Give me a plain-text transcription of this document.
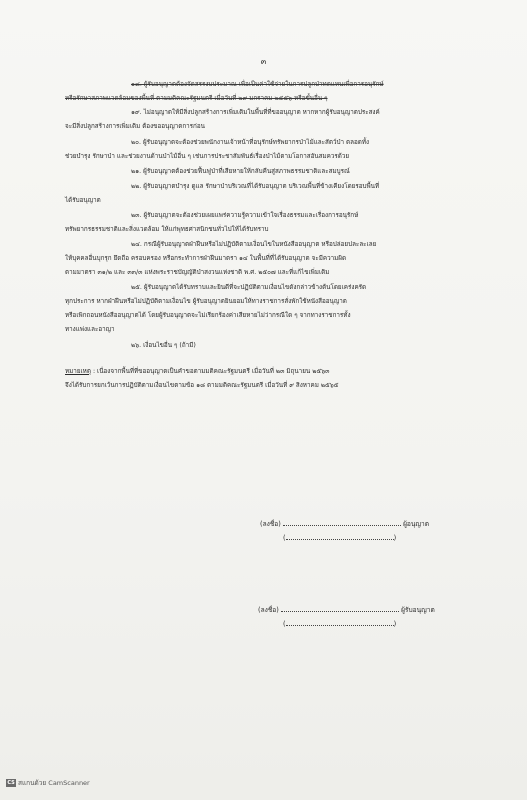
๓
๑๘. ผู้รับอนุญาตต้องจัดสรรงบประมาณ เพื่อเป็นค่าใช้จ่ายในการปลูกป่าทดแทนเพื่อการอนุรักษ์
หรือรักษาสภาพแวดล้อมของพื้นที่ ตามมติคณะรัฐมนตรี เมื่อวันที่ ๒๙ มกราคม ๒๕๕๖ หรือขั้นอื่น ๆ
๑๙. ไม่อนุญาตให้มีสิ่งปลูกสร้างการเพิ่มเติมในพื้นที่ที่ขออนุญาต หากหากผู้รับอนุญาตประสงค์
จะมีสิ่งปลูกสร้างการเพิ่มเติม ต้องขออนุญาตการก่อน
๒๐. ผู้รับอนุญาตจะต้องช่วยพนักงานเจ้าหน้าที่อนุรักษ์ทรัพยากรป่าไม้และสัตว์ป่า ตลอดทั้ง
ช่วยบำรุง รักษาป่า และช่วยงานด้านป่าไม้อื่น ๆ เช่นการประชาสัมพันธ์เรื่องป่าไม้ตามโอกาสอันสมควรด้วย
๒๑. ผู้รับอนุญาตต้องช่วยฟื้นฟูป่าที่เสียหายให้กลับคืนสู่สภาพธรรมชาติและสมบูรณ์
๒๒. ผู้รับอนุญาตบำรุง ดูแล รักษาป่าบริเวณที่ได้รับอนุญาต บริเวณพื้นที่ข้างเคียงโดยรอบพื้นที่
ได้รับอนุญาต
๒๓. ผู้รับอนุญาตจะต้องช่วยเผยแพร่ความรู้ความเข้าใจเรื่องธรรมและเรื่องการอนุรักษ์
ทรัพยากรธรรมชาติและสิ่งแวดล้อม ให้แก่พุทธศาสนิกชนทั่วไปให้ได้รับทราบ
๒๔. กรณีผู้รับอนุญาตฝ่าฝืนหรือไม่ปฏิบัติตามเงื่อนไขในหนังสืออนุญาต หรือปล่อยปละละเลย
ให้บุคคลอื่นบุกรุก ยึดถือ ครอบครอง หรือกระทำการฝ่าฝืนมาตรา ๑๔ ในพื้นที่ที่ได้รับอนุญาต จะมีความผิด
ตามมาตรา ๓๑/๒ และ ๓๓/๓ แห่งพระราชบัญญัติป่าสงวนแห่งชาติ พ.ศ. ๒๕๐๗ และที่แก้ไขเพิ่มเติม
๒๕. ผู้รับอนุญาตได้รับทราบและยินดีที่จะปฏิบัติตามเงื่อนไขดังกล่าวข้างต้นโดยเคร่งครัด
ทุกประการ หากฝ่าฝืนหรือไม่ปฏิบัติตามเงื่อนไข ผู้รับอนุญาตยินยอมให้ทางราชการสั่งพักใช้หนังสืออนุญาต
หรือเพิกถอนหนังสืออนุญาตได้ โดยผู้รับอนุญาตจะไม่เรียกร้องค่าเสียหายไม่ว่ากรณีใด ๆ จากทางราชการทั้ง
ทางแพ่งและอาญา
๒๖. เงื่อนไขอื่น ๆ (ถ้ามี)
หมายเหตุ : เนื่องจากพื้นที่ที่ขออนุญาตเป็นคำขอตามมติคณะรัฐมนตรี เมื่อวันที่ ๒๓ มิถุนายน ๒๕๖๓
จึงได้รับการยกเว้นการปฏิบัติตามเงื่อนไขตามข้อ ๑๘ ตามมติคณะรัฐมนตรี เมื่อวันที่ ๙ สิงหาคม ๒๕๖๕
(ลงชื่อ)	ผู้อนุญาต
(	)
(ลงชื่อ)	ผู้รับอนุญาต
(	)
CS สแกนด้วย CamScanner
